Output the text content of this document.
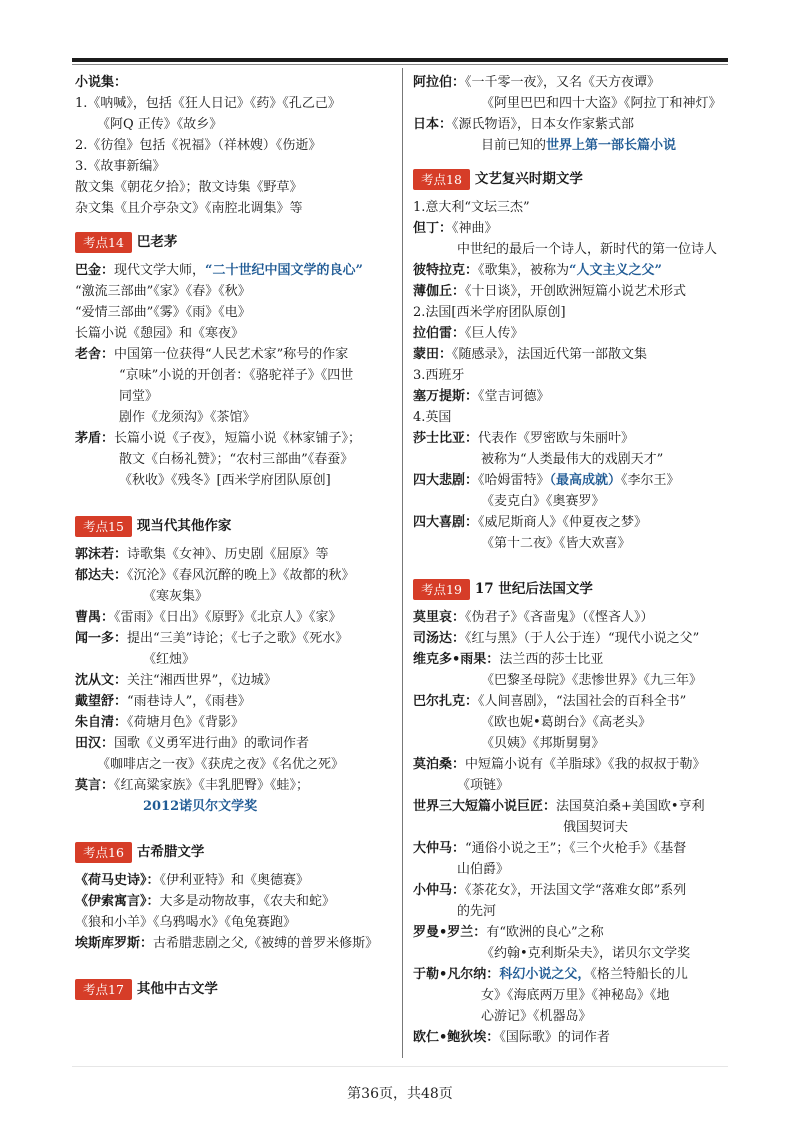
小说集：
1.《呐喊》，包括《狂人日记》《药》《孔乙己》
《阿Q 正传》《故乡》
2.《彷徨》包括《祝福》（祥林嫂）《伤逝》
3.《故事新编》
散文集《朝花夕拾》；散文诗集《野草》
杂文集《且介亭杂文》《南腔北调集》等
考点14 巴老茅
巴金：现代文学大师，“二十世纪中国文学的良心”
“激流三部曲”《家》《春》《秋》
“爱情三部曲”《雾》《雨》《电》
长篇小说《憩园》和《寒夜》
老舍：中国第一位获得“人民艺术家”称号的作家
“京味”小说的开创者：《骆驼祥子》《四世
同堂》
剧作《龙须沟》《茶馆》
茅盾：长篇小说《子夜》，短篇小说《林家铺子》；
散文《白杨礼赞》；“农村三部曲”《春蚕》
《秋收》《残冬》[西米学府团队原创]
考点15 现当代其他作家
郭沫若：诗歌集《女神》、历史剧《屈原》等
郁达夫：《沉沦》《春风沉醉的晚上》《故都的秋》
《寒灰集》
曹禺：《雷雨》《日出》《原野》《北京人》《家》
闻一多：提出“三美”诗论；《七子之歌》《死水》
《红烛》
沈从文：关注“湘西世界”，《边城》
戴望舒：“雨巷诗人”，《雨巷》
朱自清：《荷塘月色》《背影》
田汉：国歌《义勇军进行曲》的歌词作者
《咖啡店之一夜》《获虎之夜》《名优之死》
莫言：《红高粱家族》《丰乳肥臀》《蛙》；
2012诺贝尔文学奖
考点16 古希腊文学
《荷马史诗》：《伊利亚特》和《奥德赛》
《伊索寓言》：大多是动物故事，《农夫和蛇》
《狼和小羊》《乌鸦喝水》《龟兔赛跑》
埃斯库罗斯：古希腊悲剧之父,《被缚的普罗米修斯》
考点17 其他中古文学
阿拉伯：《一千零一夜》，又名《天方夜谭》
《阿里巴巴和四十大盗》《阿拉丁和神灯》
日本：《源氏物语》，日本女作家紫式部
目前已知的世界上第一部长篇小说
考点18 文艺复兴时期文学
1.意大利“文坛三杰”
但丁：《神曲》
中世纪的最后一个诗人，新时代的第一位诗人
彼特拉克：《歌集》，被称为“人文主义之父”
薄伽丘：《十日谈》，开创欧洲短篇小说艺术形式
2.法国[西米学府团队原创]
拉伯雷：《巨人传》
蒙田：《随感录》，法国近代第一部散文集
3.西班牙
塞万提斯：《堂吉诃德》
4.英国
莎士比亚：代表作《罗密欧与朱丽叶》
被称为“人类最伟大的戏剧天才”
四大悲剧：《哈姆雷特》（最高成就）《李尔王》
《麦克白》《奥赛罗》
四大喜剧：《威尼斯商人》《仲夏夜之梦》
《第十二夜》《皆大欢喜》
考点19 17 世纪后法国文学
莫里哀：《伪君子》《吝啬鬼》（《悭吝人》）
司汤达：《红与黑》（于人公于连）“现代小说之父”
维克多•雨果：法兰西的莎士比亚
《巴黎圣母院》《悲惨世界》《九三年》
巴尔扎克：《人间喜剧》，“法国社会的百科全书”
《欧也妮•葛朗台》《高老头》
《贝姨》《邦斯舅舅》
莫泊桑：中短篇小说有《羊脂球》《我的叔叔于勒》
《项链》
世界三大短篇小说巨匠：法国莫泊桑+美国欧•亨利
俄国契诃夫
大仲马：“通俗小说之王”；《三个火枪手》《基督
山伯爵》
小仲马：《茶花女》，开法国文学“落难女郎”系列
的先河
罗曼•罗兰：有“欧洲的良心”之称
《约翰•克利斯朵夫》，诺贝尔文学奖
于勒•凡尔纳：科幻小说之父，《格兰特船长的儿
女》《海底两万里》《神秘岛》《地
心游记》《机器岛》
欧仁•鲍狄埃：《国际歌》的词作者
第36页，共48页
